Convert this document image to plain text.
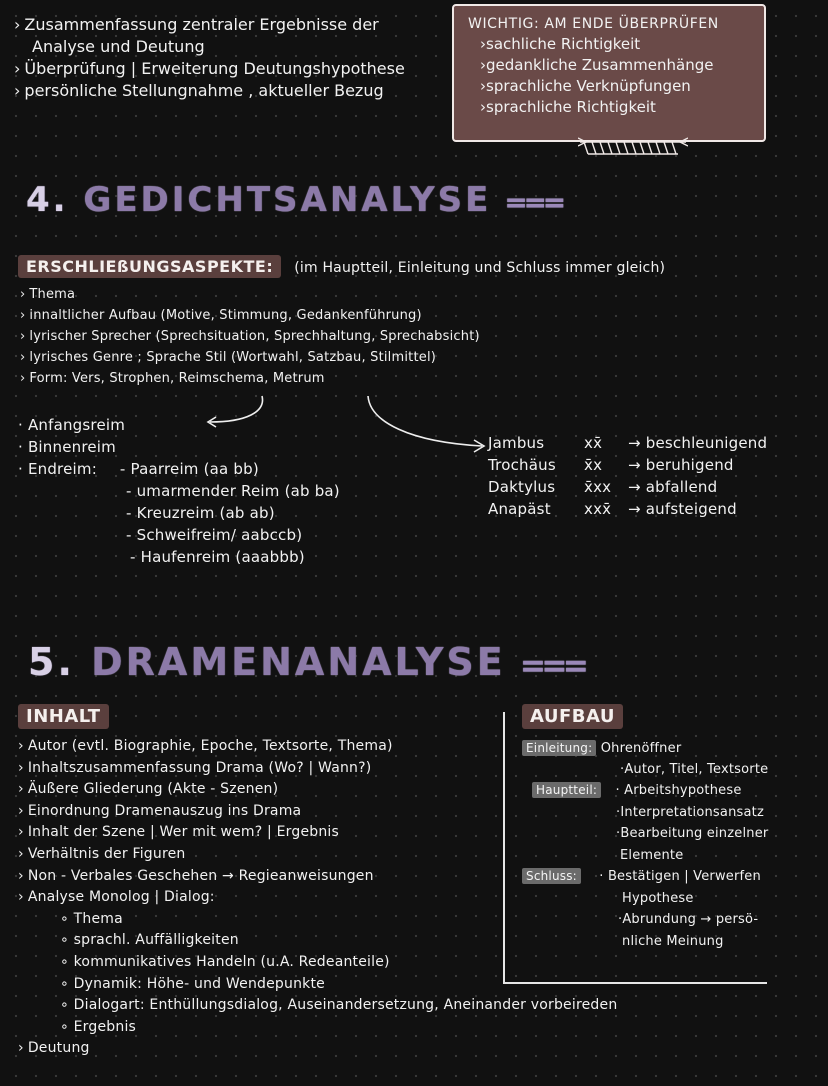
› Zusammenfassung zentraler Ergebnisse der
Analyse und Deutung
› Überprüfung | Erweiterung Deutungshypothese
› persönliche Stellungnahme , aktueller Bezug
WICHTIG: AM ENDE ÜBERPRÜFEN
› sachliche Richtigkeit
› gedankliche Zusammenhänge
› sprachliche Verknüpfungen
› sprachliche Richtigkeit
4. GEDICHTSANALYSE ⩶
ERSCHLIEßUNGSASPEKTE: (im Hauptteil, Einleitung und Schluss immer gleich)
› Thema
› innaltlicher Aufbau (Motive, Stimmung, Gedankenführung)
› lyrischer Sprecher (Sprechsituation, Sprechhaltung, Sprechabsicht)
› lyrisches Genre ; Sprache Stil (Wortwahl, Satzbau, Stilmittel)
› Form: Vers, Strophen, Reimschema, Metrum
· Anfangsreim
· Binnenreim
· Endreim: - Paarreim (aa bb)
- umarmender Reim (ab ba)
- Kreuzreim (ab ab)
- Schweifreim/ aabccb)
- Haufenreim (aaabbb)
Jambus	xx̄ → beschleunigend
Trochäus x̄x → beruhigend
Daktylus x̄xx → abfallend
Anapäst xxx̄ → aufsteigend
5. DRAMENANALYSE ⩶
INHALT
› Autor (evtl. Biographie, Epoche, Textsorte, Thema)
› Inhaltszusammenfassung Drama (Wo? | Wann?)
› Äußere Gliederung (Akte - Szenen)
› Einordnung Dramenauszug ins Drama
› Inhalt der Szene | Wer mit wem? | Ergebnis
› Verhältnis der Figuren
› Non - Verbales Geschehen → Regieanweisungen
› Analyse Monolog | Dialog:
∘ Thema
∘ sprachl. Auffälligkeiten
∘ kommunikatives Handeln (u.A. Redeanteile)
∘ Dynamik: Höhe- und Wendepunkte
∘ Dialogart: Enthüllungsdialog, Auseinandersetzung, Aneinander vorbeireden
∘ Ergebnis
› Deutung
AUFBAU
Einleitung: Ohrenöffner
·Autor, Titel, Textsorte
Hauptteil: · Arbeitshypothese
·Interpretationsansatz
·Bearbeitung einzelner
Elemente
Schluss: · Bestätigen | Verwerfen
Hypothese
·Abrundung → persö-
nliche Meinung
